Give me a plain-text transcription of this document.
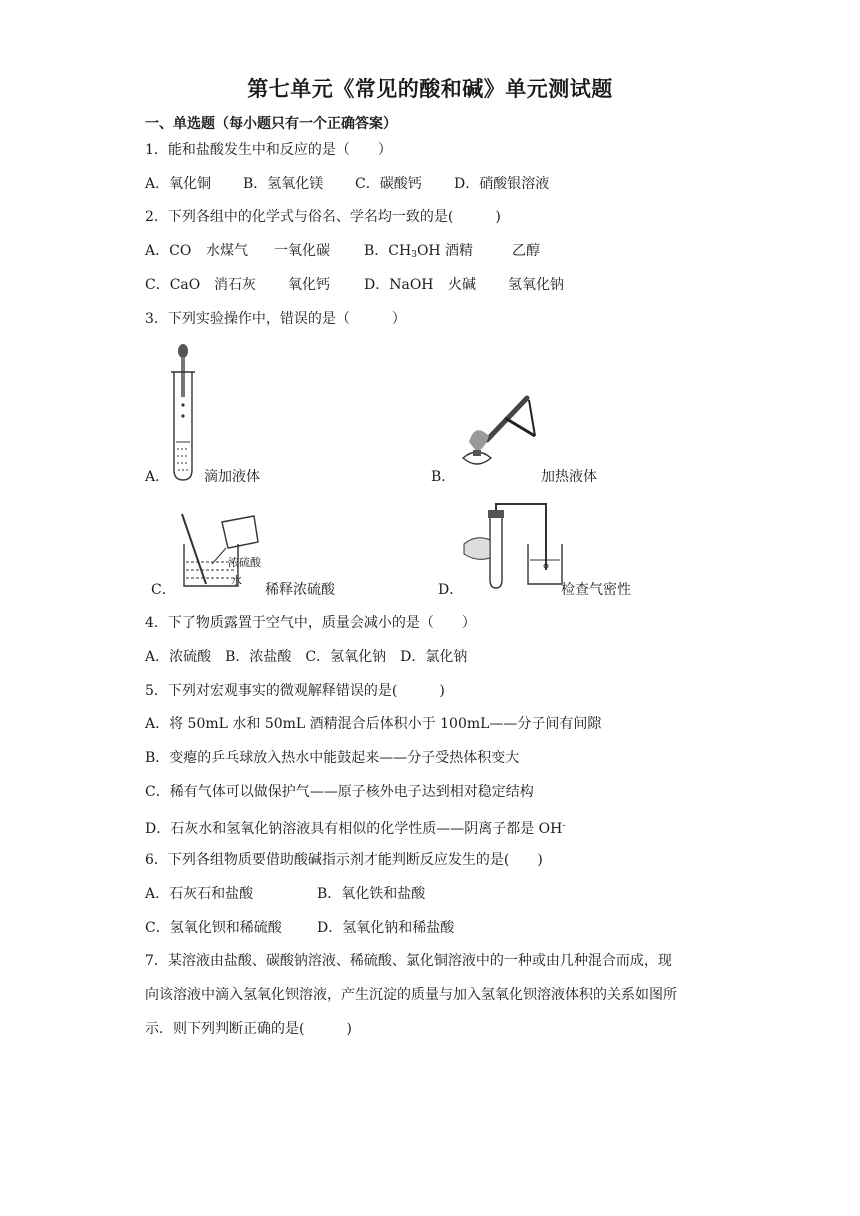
第七单元《常见的酸和碱》单元测试题
一、单选题（每小题只有一个正确答案）
1．能和盐酸发生中和反应的是（　　）
A．氧化铜 B．氢氧化镁 C．碳酸钙 D．硝酸银溶液
2．下列各组中的化学式与俗名、学名均一致的是(　　　)
A．CO 水煤气 一氧化碳 B．$CH_3OH$ 酒精	乙醇
C．CaO 消石灰 氧化钙 D．NaOH 火碱 氢氧化钠
3．下列实验操作中，错误的是（　　　）
A． 滴加液体	B．	加热液体
浓硫酸
水
C．	稀释浓硫酸	D．	检查气密性
4．下了物质露置于空气中，质量会减小的是（　　）
A．浓硫酸　B．浓盐酸　C．氢氧化钠　D．氯化钠
5．下列对宏观事实的微观解释错误的是(　　　)
A．将 50mL 水和 50mL 酒精混合后体积小于 100mL——分子间有间隙
B．变瘪的乒乓球放入热水中能鼓起来——分子受热体积变大
C．稀有气体可以做保护气——原子核外电子达到相对稳定结构
D．石灰水和氢氧化钠溶液具有相似的化学性质——阴离子都是 OH-
6．下列各组物质要借助酸碱指示剂才能判断反应发生的是(　　)
A．石灰石和盐酸	B．氧化铁和盐酸
C．氢氧化钡和稀硫酸	D．氢氧化钠和稀盐酸
7．某溶液由盐酸、碳酸钠溶液、稀硫酸、氯化铜溶液中的一种或由几种混合而成，现
向该溶液中滴入氢氧化钡溶液，产生沉淀的质量与加入氢氧化钡溶液体积的关系如图所
示．则下列判断正确的是(　　　)
